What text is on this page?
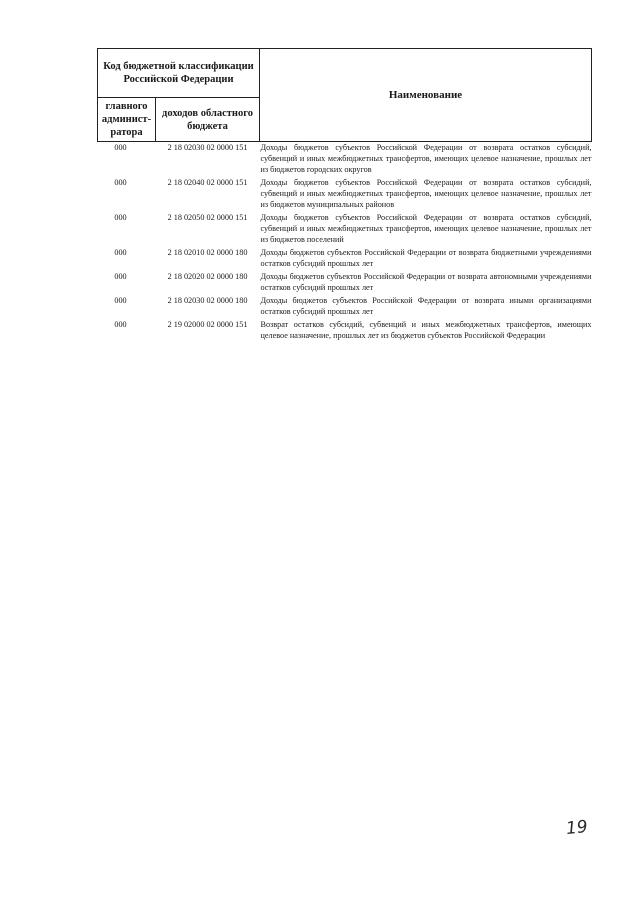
Код бюджетной классификации Российской Федерации		Наименование
главного админист-ратора	доходов областного бюджета	
000	2 18 02030 02 0000 151	Доходы бюджетов субъектов Российской Федерации от возврата остатков субсидий, субвенций и иных межбюджетных трансфертов, имеющих целевое назначение, прошлых лет из бюджетов городских округов
000	2 18 02040 02 0000 151	Доходы бюджетов субъектов Российской Федерации от возврата остатков субсидий, субвенций и иных межбюджетных трансфертов, имеющих целевое назначение, прошлых лет из бюджетов муниципальных районов
000	2 18 02050 02 0000 151	Доходы бюджетов субъектов Российской Федерации от возврата остатков субсидий, субвенций и иных межбюджетных трансфертов, имеющих целевое назначение, прошлых лет из бюджетов поселений
000	2 18 02010 02 0000 180	Доходы бюджетов субъектов Российской Федерации от возврата бюджетными учреждениями остатков субсидий прошлых лет
000	2 18 02020 02 0000 180	Доходы бюджетов субъектов Российской Федерации от возврата автономными учреждениями остатков субсидий прошлых лет
000	2 18 02030 02 0000 180	Доходы бюджетов субъектов Российской Федерации от возврата иными организациями остатков субсидий прошлых лет
000	2 19 02000 02 0000 151	Возврат остатков субсидий, субвенций и иных межбюджетных трансфертов, имеющих целевое назначение, прошлых лет из бюджетов субъектов Российской Федерации
19
